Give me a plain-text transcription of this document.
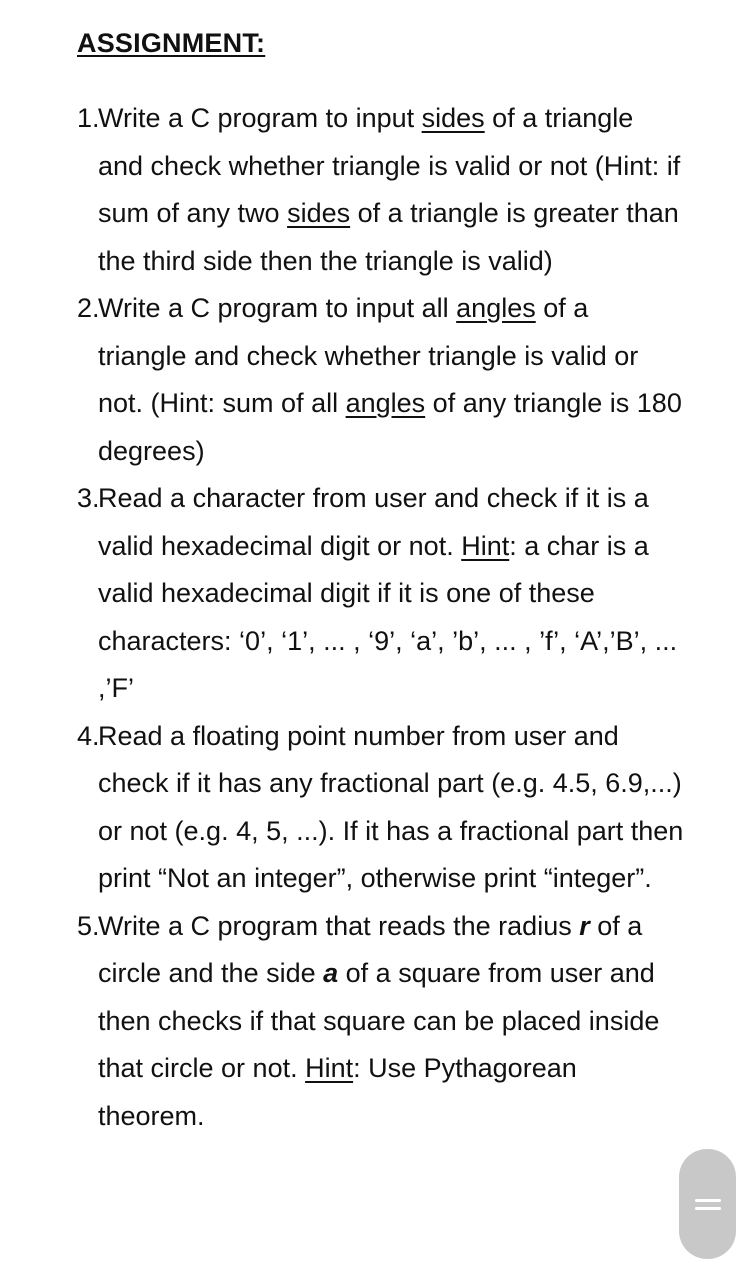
ASSIGNMENT:
1.
Write a C program to input sides of a triangle and check whether triangle is valid or not (Hint: if sum of any two sides of a triangle is greater than the third side then the triangle is valid)
2.
Write a C program to input all angles of a triangle and check whether triangle is valid or not. (Hint: sum of all angles of any triangle is 180 degrees)
3.
Read a character from user and check if it is a valid hexadecimal digit or not. Hint: a char is a valid hexadecimal digit if it is one of these characters: ‘0’, ‘1’, ... , ‘9’, ‘a’, ’b’, ... , ’f’, ‘A’,’B’, ... ,’F’
4.
Read a floating point number from user and check if it has any fractional part (e.g. 4.5, 6.9,...) or not (e.g. 4, 5, ...). If it has a fractional part then print “Not an integer”, otherwise print “integer”.
5.
Write a C program that reads the radius r of a circle and the side a of a square from user and then checks if that square can be placed inside that circle or not. Hint: Use Pythagorean theorem.
